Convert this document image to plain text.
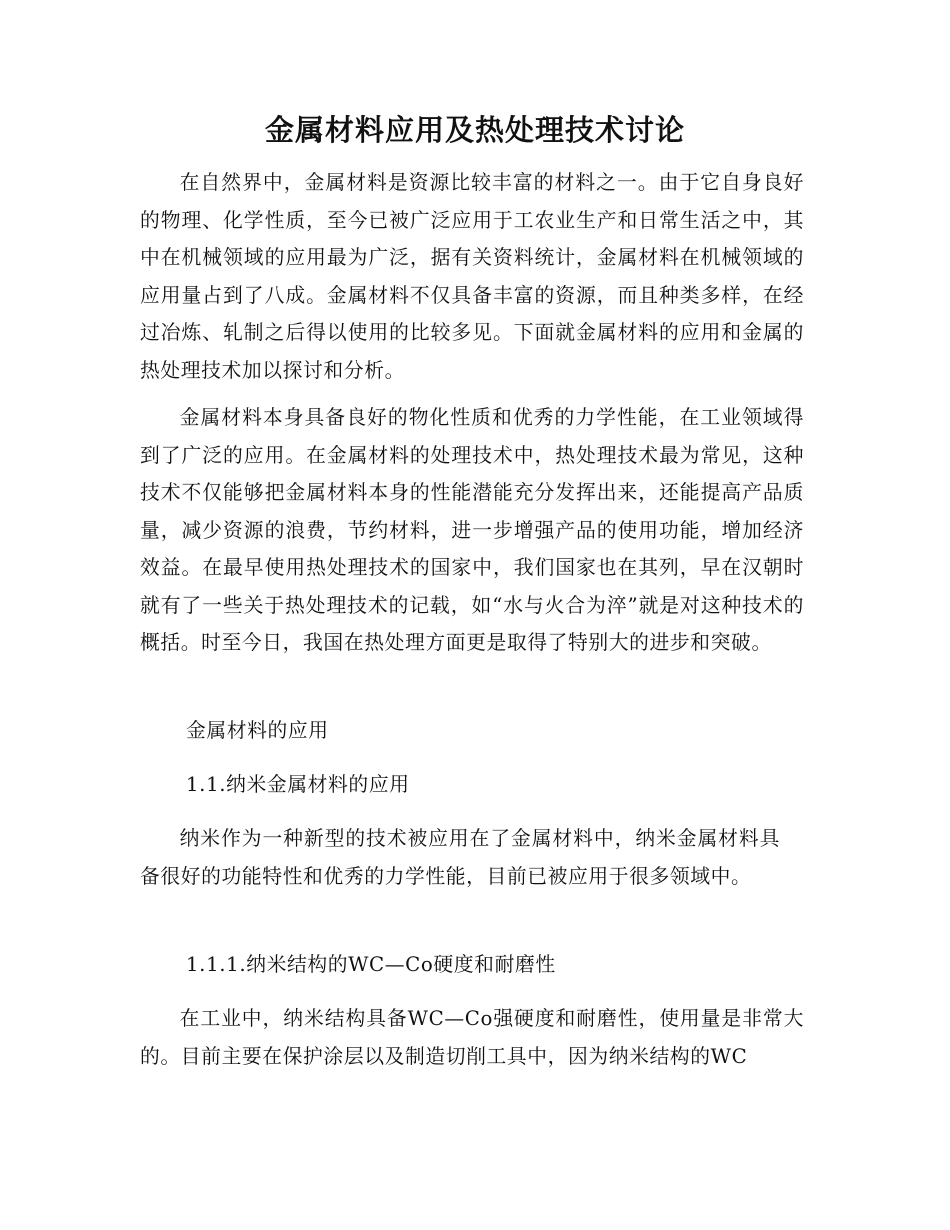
金属材料应用及热处理技术讨论

在自然界中，金属材料是资源比较丰富的材料之一。由于它自身良好的物理、化学性质，至今已被广泛应用于工农业生产和日常生活之中，其中在机械领域的应用最为广泛，据有关资料统计，金属材料在机械领域的应用量占到了八成。金属材料不仅具备丰富的资源，而且种类多样，在经过冶炼、轧制之后得以使用的比较多见。下面就金属材料的应用和金属的热处理技术加以探讨和分析。

金属材料本身具备良好的物化性质和优秀的力学性能，在工业领域得到了广泛的应用。在金属材料的处理技术中，热处理技术最为常见，这种技术不仅能够把金属材料本身的性能潜能充分发挥出来，还能提高产品质量，减少资源的浪费，节约材料，进一步增强产品的使用功能，增加经济效益。在最早使用热处理技术的国家中，我们国家也在其列，早在汉朝时就有了一些关于热处理技术的记载，如“水与火合为淬”就是对这种技术的概括。时至今日，我国在热处理方面更是取得了特别大的进步和突破。

金属材料的应用
1.1.纳米金属材料的应用

纳米作为一种新型的技术被应用在了金属材料中，纳米金属材料具备很好的功能特性和优秀的力学性能，目前已被应用于很多领域中。

1.1.1.纳米结构的WC—Co硬度和耐磨性

在工业中，纳米结构具备WC—Co强硬度和耐磨性，使用量是非常大的。目前主要在保护涂层以及制造切削工具中，因为纳米结构的WC
